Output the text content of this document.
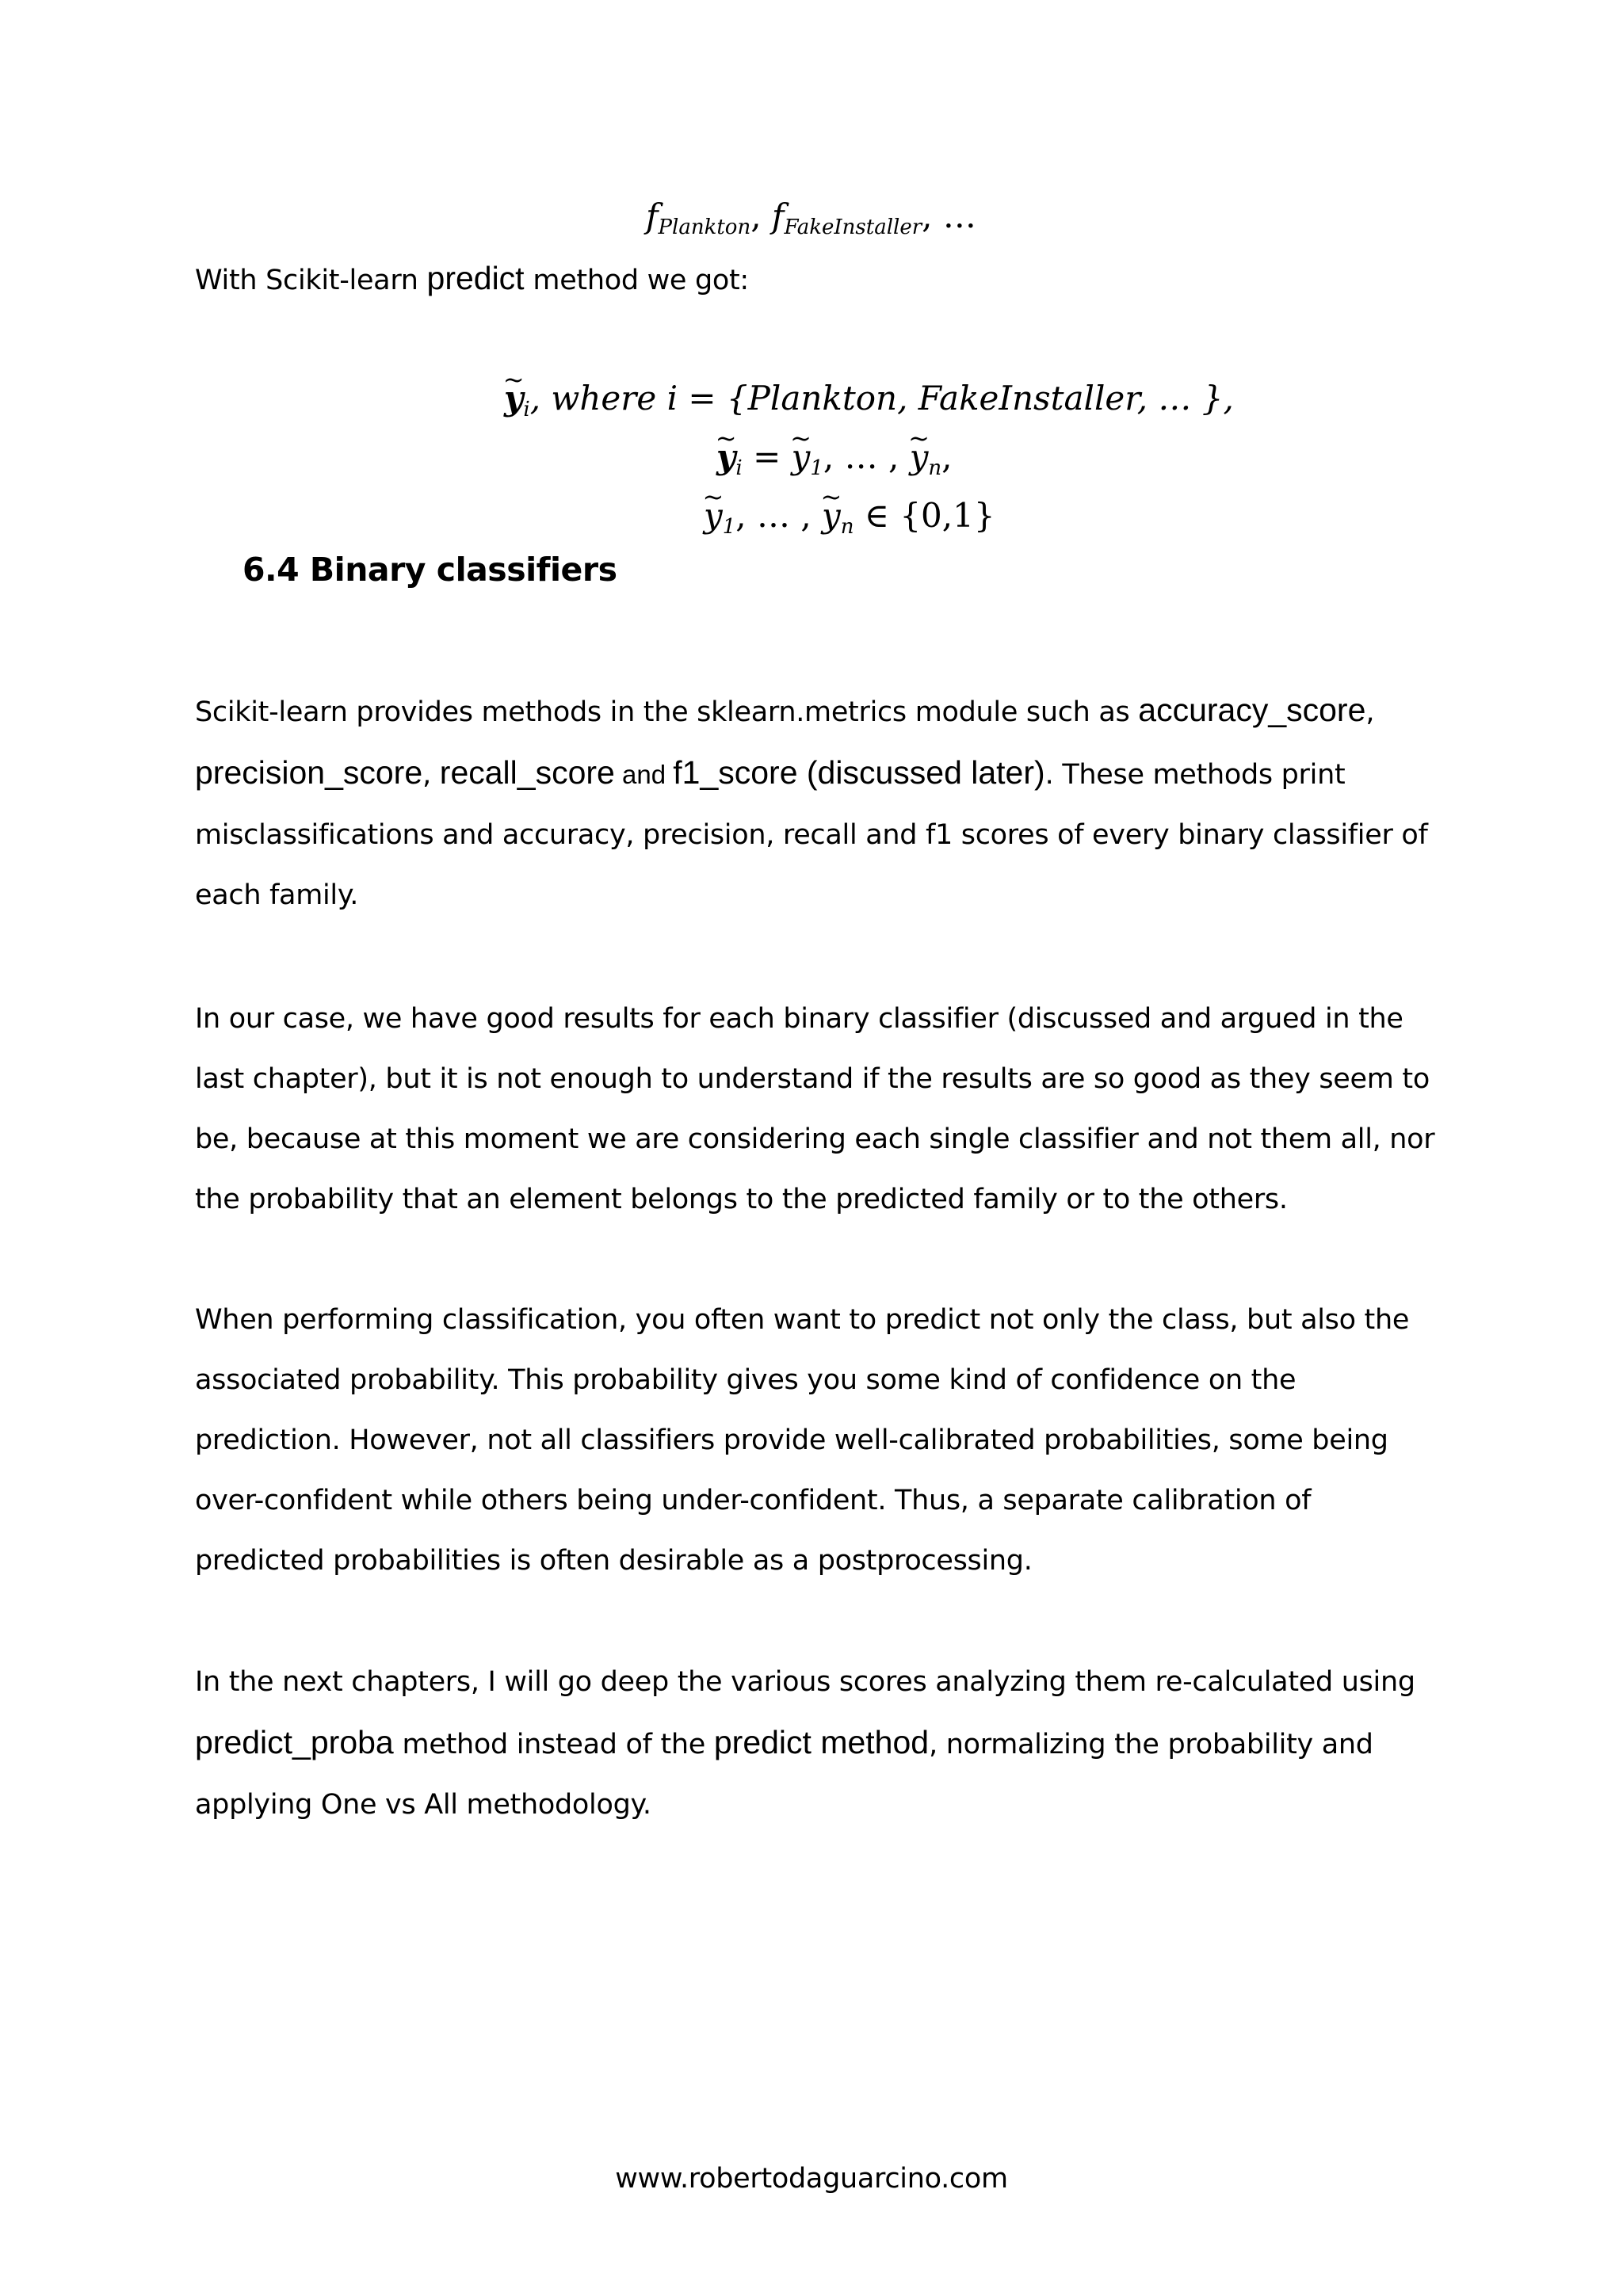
$f_{Plankton}$, $f_{FakeInstaller}$, …
With Scikit-learn predict method we got:
~ $y_i$, where i = {Plankton, FakeInstaller, … },
~ $y_i$ = ~ $y_1$, … , ~ $y_n$,
~ $y_1$, … , ~ $y_n$ ∈ {0,1}
6.4 Binary classifiers
Scikit-learn provides methods in the sklearn.metrics module such as accuracy_score, precision_score, recall_score and f1_score (discussed later). These methods print misclassifications and accuracy, precision, recall and f1 scores of every binary classifier of each family.
In our case, we have good results for each binary classifier (discussed and argued in the last chapter), but it is not enough to understand if the results are so good as they seem to be, because at this moment we are considering each single classifier and not them all, nor the probability that an element belongs to the predicted family or to the others.
When performing classification, you often want to predict not only the class, but also the associated probability. This probability gives you some kind of confidence on the prediction. However, not all classifiers provide well-calibrated probabilities, some being over-confident while others being under-confident. Thus, a separate calibration of predicted probabilities is often desirable as a postprocessing.
In the next chapters, I will go deep the various scores analyzing them re-calculated using predict_proba method instead of the predict method, normalizing the probability and applying One vs All methodology.
www.robertodaguarcino.com
